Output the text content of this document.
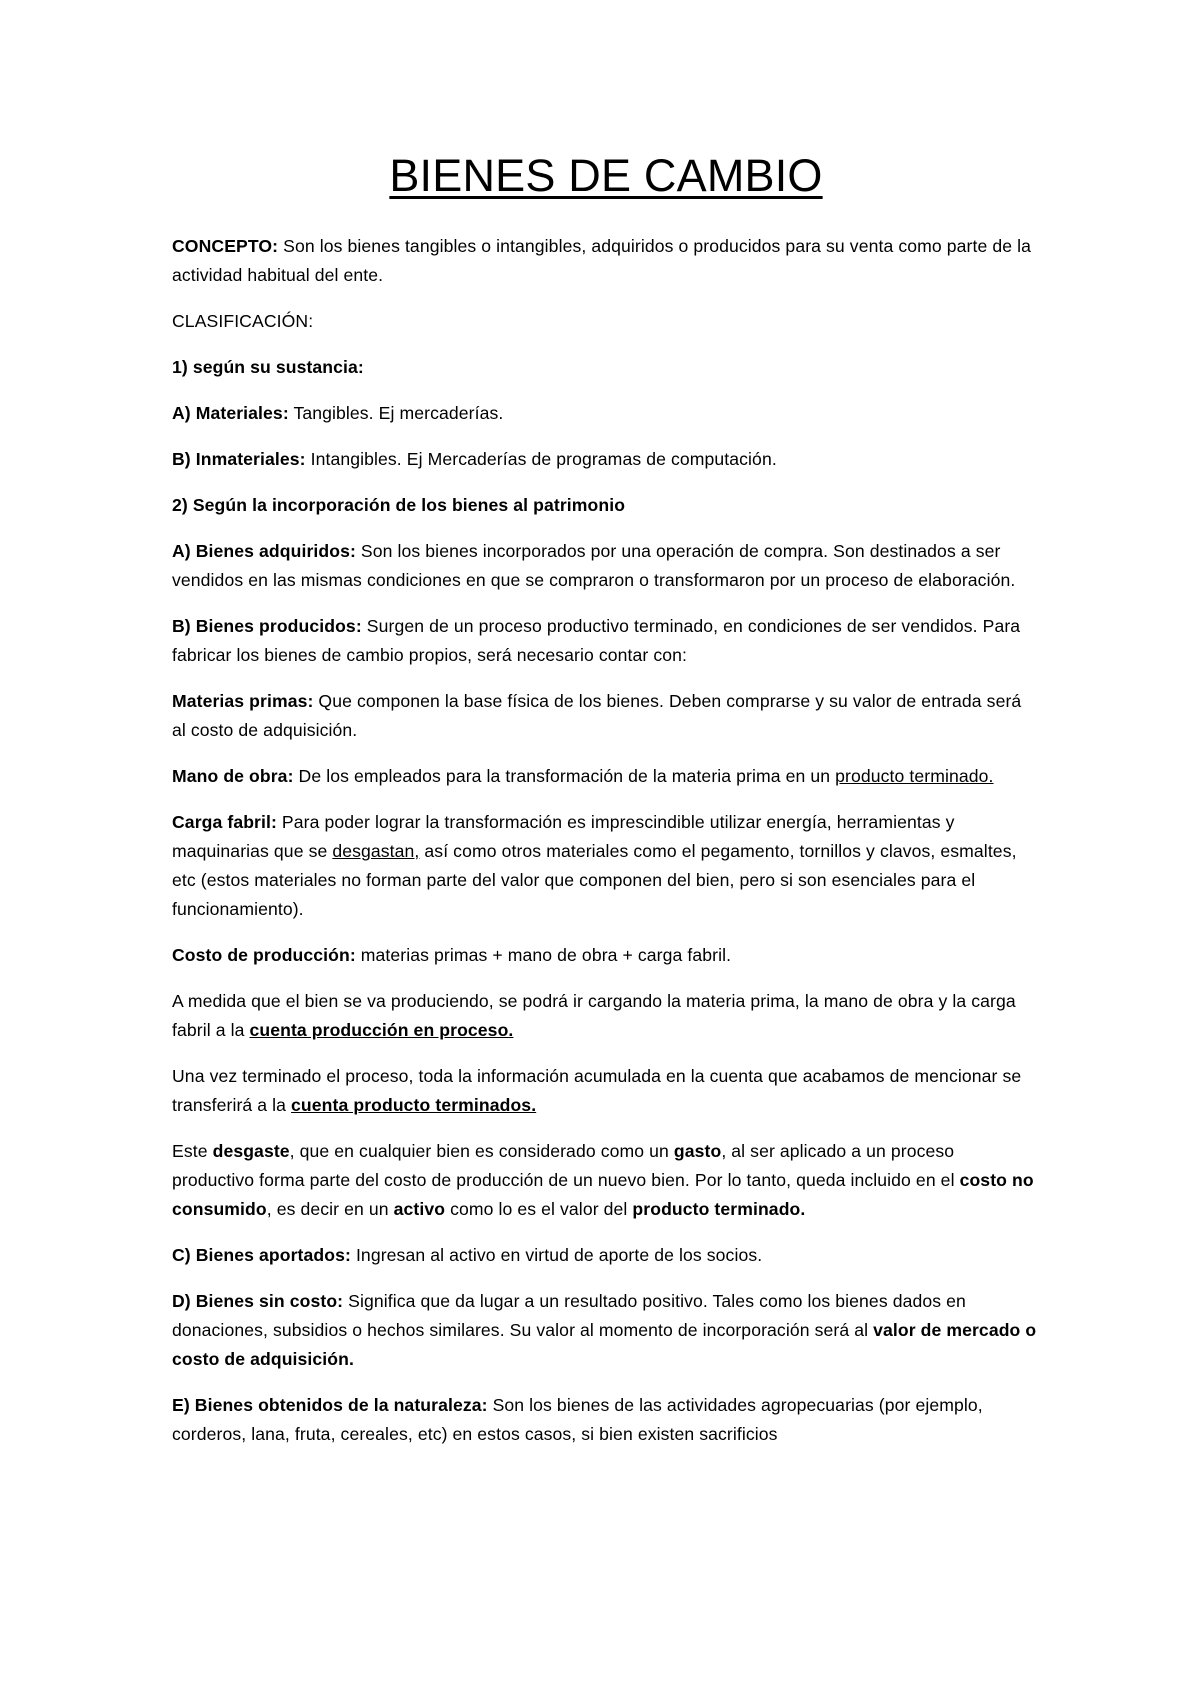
BIENES DE CAMBIO

CONCEPTO: Son los bienes tangibles o intangibles, adquiridos o producidos para su venta como parte de la actividad habitual del ente.

CLASIFICACIÓN:

1) según su sustancia:

A) Materiales: Tangibles. Ej mercaderías.

B) Inmateriales: Intangibles. Ej Mercaderías de programas de computación.

2) Según la incorporación de los bienes al patrimonio

A) Bienes adquiridos: Son los bienes incorporados por una operación de compra. Son destinados a ser vendidos en las mismas condiciones en que se compraron o transformaron por un proceso de elaboración.

B) Bienes producidos: Surgen de un proceso productivo terminado, en condiciones de ser vendidos. Para fabricar los bienes de cambio propios, será necesario contar con:

Materias primas: Que componen la base física de los bienes. Deben comprarse y su valor de entrada será al costo de adquisición.

Mano de obra: De los empleados para la transformación de la materia prima en un producto terminado.

Carga fabril: Para poder lograr la transformación es imprescindible utilizar energía, herramientas y maquinarias que se desgastan, así como otros materiales como el pegamento, tornillos y clavos, esmaltes, etc (estos materiales no forman parte del valor que componen del bien, pero si son esenciales para el funcionamiento).

Costo de producción: materias primas + mano de obra + carga fabril.

A medida que el bien se va produciendo, se podrá ir cargando la materia prima, la mano de obra y la carga fabril a la cuenta producción en proceso.

Una vez terminado el proceso, toda la información acumulada en la cuenta que acabamos de mencionar se transferirá a la cuenta producto terminados.

Este desgaste, que en cualquier bien es considerado como un gasto, al ser aplicado a un proceso productivo forma parte del costo de producción de un nuevo bien. Por lo tanto, queda incluido en el costo no consumido, es decir en un activo como lo es el valor del producto terminado.

C) Bienes aportados: Ingresan al activo en virtud de aporte de los socios.

D) Bienes sin costo: Significa que da lugar a un resultado positivo. Tales como los bienes dados en donaciones, subsidios o hechos similares. Su valor al momento de incorporación será al valor de mercado o costo de adquisición.

E) Bienes obtenidos de la naturaleza: Son los bienes de las actividades agropecuarias (por ejemplo, corderos, lana, fruta, cereales, etc) en estos casos, si bien existen sacrificios
